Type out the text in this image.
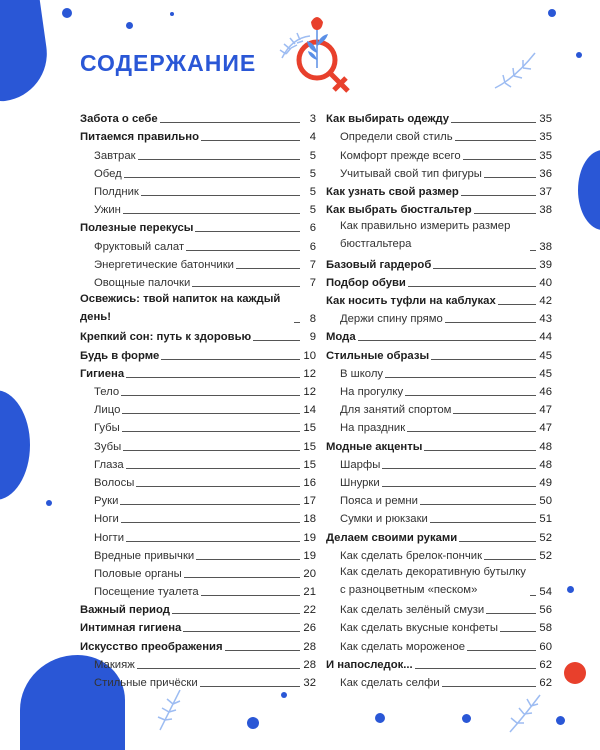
СОДЕРЖАНИЕ
Забота о себе	3
Питаемся правильно	4
Завтрак	5
Обед	5
Полдник	5
Ужин	5
Полезные перекусы	6
Фруктовый салат	6
Энергетические батончики	7
Овощные палочки	7
Освежись: твой напиток на каждый день!	8
Крепкий сон: путь к здоровью	9
Будь в форме	10
Гигиена	12
Тело	12
Лицо	14
Губы	15
Зубы	15
Глаза	15
Волосы	16
Руки	17
Ноги	18
Ногти	19
Вредные привычки	19
Половые органы	20
Посещение туалета	21
Важный период	22
Интимная гигиена	26
Искусство преображения	28
Макияж	28
Стильные причёски	32
Как выбирать одежду	35
Определи свой стиль	35
Комфорт прежде всего	35
Учитывай свой тип фигуры	36
Как узнать свой размер	37
Как выбрать бюстгальтер	38
Как правильно измерить размер бюстгальтера	38
Базовый гардероб	39
Подбор обуви	40
Как носить туфли на каблуках	42
Держи спину прямо	43
Мода	44
Стильные образы	45
В школу	45
На прогулку	46
Для занятий спортом	47
На праздник	47
Модные акценты	48
Шарфы	48
Шнурки	49
Пояса и ремни	50
Сумки и рюкзаки	51
Делаем своими руками	52
Как сделать брелок-пончик	52
Как сделать декоративную бутылку с разноцветным «песком»	54
Как сделать зелёный смузи	56
Как сделать вкусные конфеты	58
Как сделать мороженое	60
И напоследок...	62
Как сделать селфи	62
